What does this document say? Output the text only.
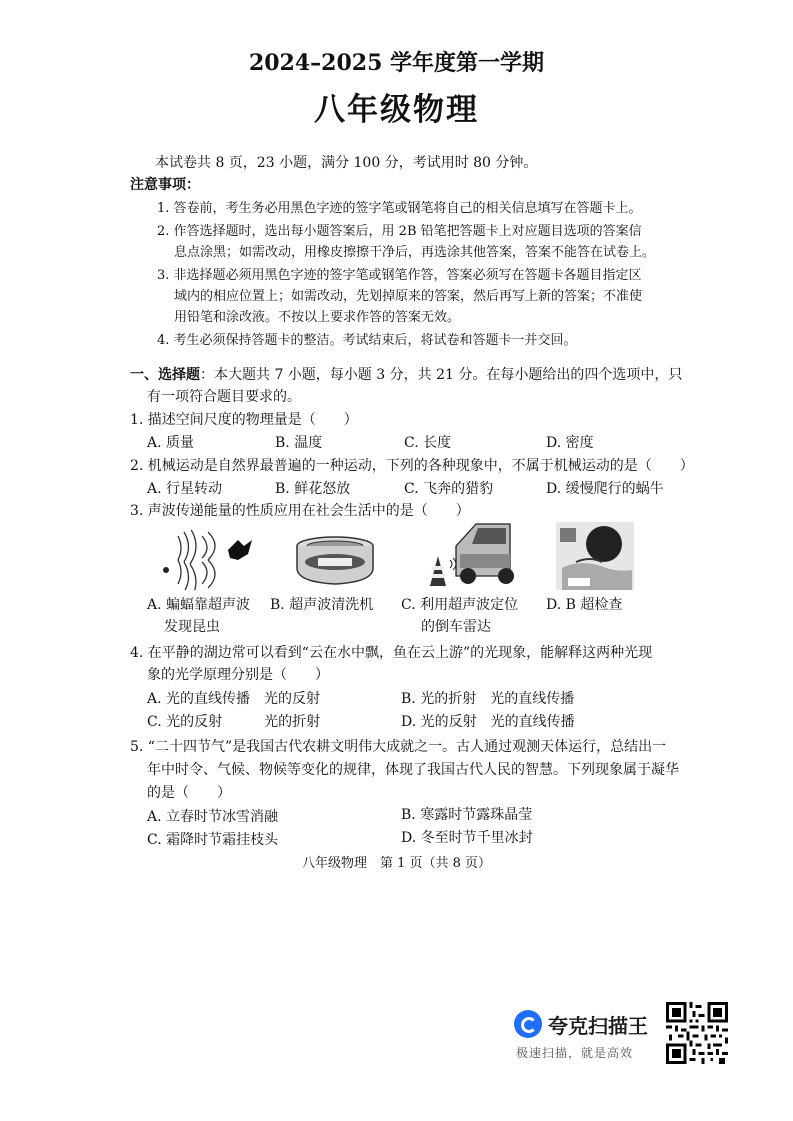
2024–2025 学年度第一学期
八年级物理
本试卷共 8 页，23 小题，满分 100 分，考试用时 80 分钟。
注意事项：
1. 答卷前，考生务必用黑色字迹的签字笔或钢笔将自己的相关信息填写在答题卡上。
2. 作答选择题时，选出每小题答案后，用 2B 铅笔把答题卡上对应题目选项的答案信
息点涂黑；如需改动，用橡皮擦擦干净后，再选涂其他答案，答案不能答在试卷上。
3. 非选择题必须用黑色字迹的签字笔或钢笔作答，答案必须写在答题卡各题目指定区
域内的相应位置上；如需改动，先划掉原来的答案，然后再写上新的答案；不准使
用铅笔和涂改液。不按以上要求作答的答案无效。
4. 考生必须保持答题卡的整洁。考试结束后，将试卷和答题卡一并交回。
一、选择题：本大题共 7 小题，每小题 3 分，共 21 分。在每小题给出的四个选项中，只
有一项符合题目要求的。
1. 描述空间尺度的物理量是（　　）
A. 质量	B. 温度	C. 长度	D. 密度
2. 机械运动是自然界最普遍的一种运动，下列的各种现象中，不属于机械运动的是（　　）
A. 行星转动	B. 鲜花怒放	C. 飞奔的猎豹	D. 缓慢爬行的蜗牛
3. 声波传递能量的性质应用在社会生活中的是（　　）
A. 蝙蝠靠超声波
发现昆虫
B. 超声波清洗机 C. 利用超声波定位
的倒车雷达
D. B 超检查
4. 在平静的湖边常可以看到“云在水中飘，鱼在云上游”的光现象，能解释这两种光现
象的光学原理分别是（　　）
A. 光的直线传播　光的反射	B. 光的折射　光的直线传播
C. 光的反射　　　光的折射	D. 光的反射　光的直线传播
5. “二十四节气”是我国古代农耕文明伟大成就之一。古人通过观测天体运行，总结出一
年中时令、气候、物候等变化的规律，体现了我国古代人民的智慧。下列现象属于凝华
的是（　　）
A. 立春时节冰雪消融	B. 寒露时节露珠晶莹
C. 霜降时节霜挂枝头	D. 冬至时节千里冰封
八年级物理　第 1 页（共 8 页）
夸克扫描王
极速扫描，就是高效
